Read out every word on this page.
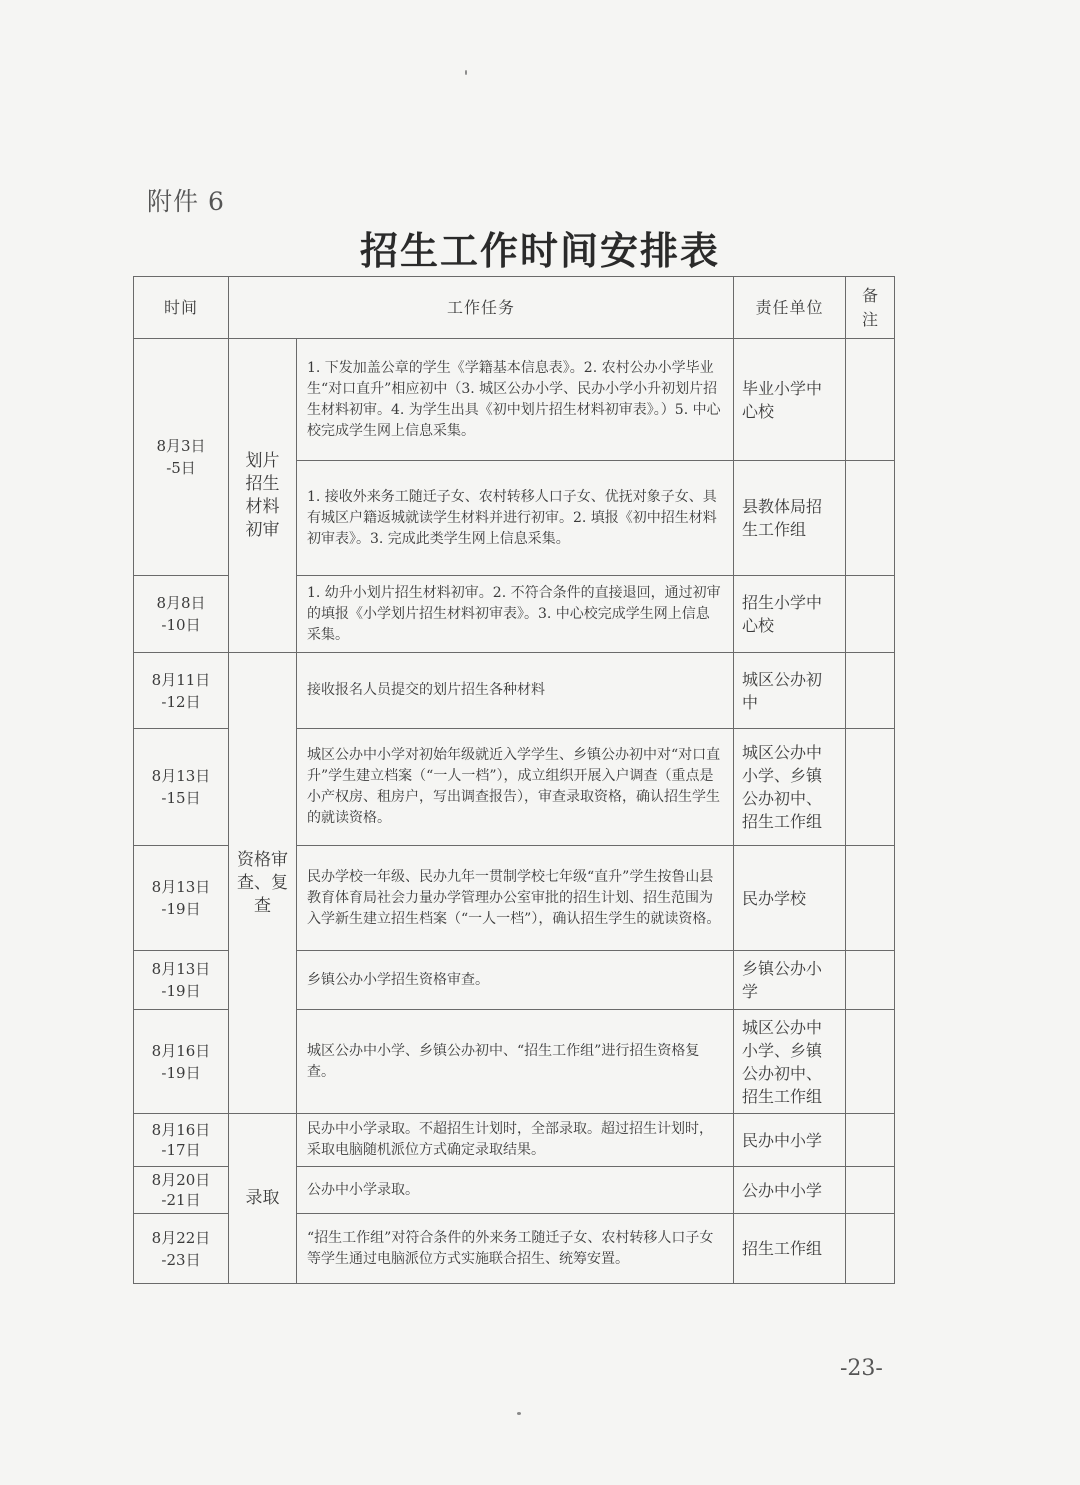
附件 6
招生工作时间安排表
时间	工作任务		责任单位	备注
8月3日
-5日	划片招生材料初审	1. 下发加盖公章的学生《学籍基本信息表》。2. 农村公办小学毕业生“对口直升”相应初中（3. 城区公办小学、民办小学小升初划片招生材料初审。4. 为学生出具《初中划片招生材料初审表》。）5. 中心校完成学生网上信息采集。	毕业小学中心校	
		1. 接收外来务工随迁子女、农村转移人口子女、优抚对象子女、具有城区户籍返城就读学生材料并进行初审。2. 填报《初中招生材料初审表》。3. 完成此类学生网上信息采集。	县教体局招生工作组	
8月8日
-10日		1. 幼升小划片招生材料初审。2. 不符合条件的直接退回，通过初审的填报《小学划片招生材料初审表》。3. 中心校完成学生网上信息采集。	招生小学中心校	
8月11日
-12日	资格审查、复查	接收报名人员提交的划片招生各种材料	城区公办初中	
8月13日
-15日		城区公办中小学对初始年级就近入学学生、乡镇公办初中对“对口直升”学生建立档案（“一人一档”），成立组织开展入户调查（重点是小产权房、租房户，写出调查报告），审查录取资格，确认招生学生的就读资格。	城区公办中小学、乡镇公办初中、招生工作组	
8月13日
-19日		民办学校一年级、民办九年一贯制学校七年级“直升”学生按鲁山县教育体育局社会力量办学管理办公室审批的招生计划、招生范围为入学新生建立招生档案（“一人一档”），确认招生学生的就读资格。	民办学校	
8月13日
-19日		乡镇公办小学招生资格审查。	乡镇公办小学	
8月16日
-19日		城区公办中小学、乡镇公办初中、“招生工作组”进行招生资格复查。	城区公办中小学、乡镇公办初中、招生工作组	
8月16日
-17日	录取	民办中小学录取。不超招生计划时，全部录取。超过招生计划时，采取电脑随机派位方式确定录取结果。	民办中小学	
8月20日
-21日		公办中小学录取。	公办中小学	
8月22日
-23日		“招生工作组”对符合条件的外来务工随迁子女、农村转移人口子女等学生通过电脑派位方式实施联合招生、统筹安置。	招生工作组	
-23-
